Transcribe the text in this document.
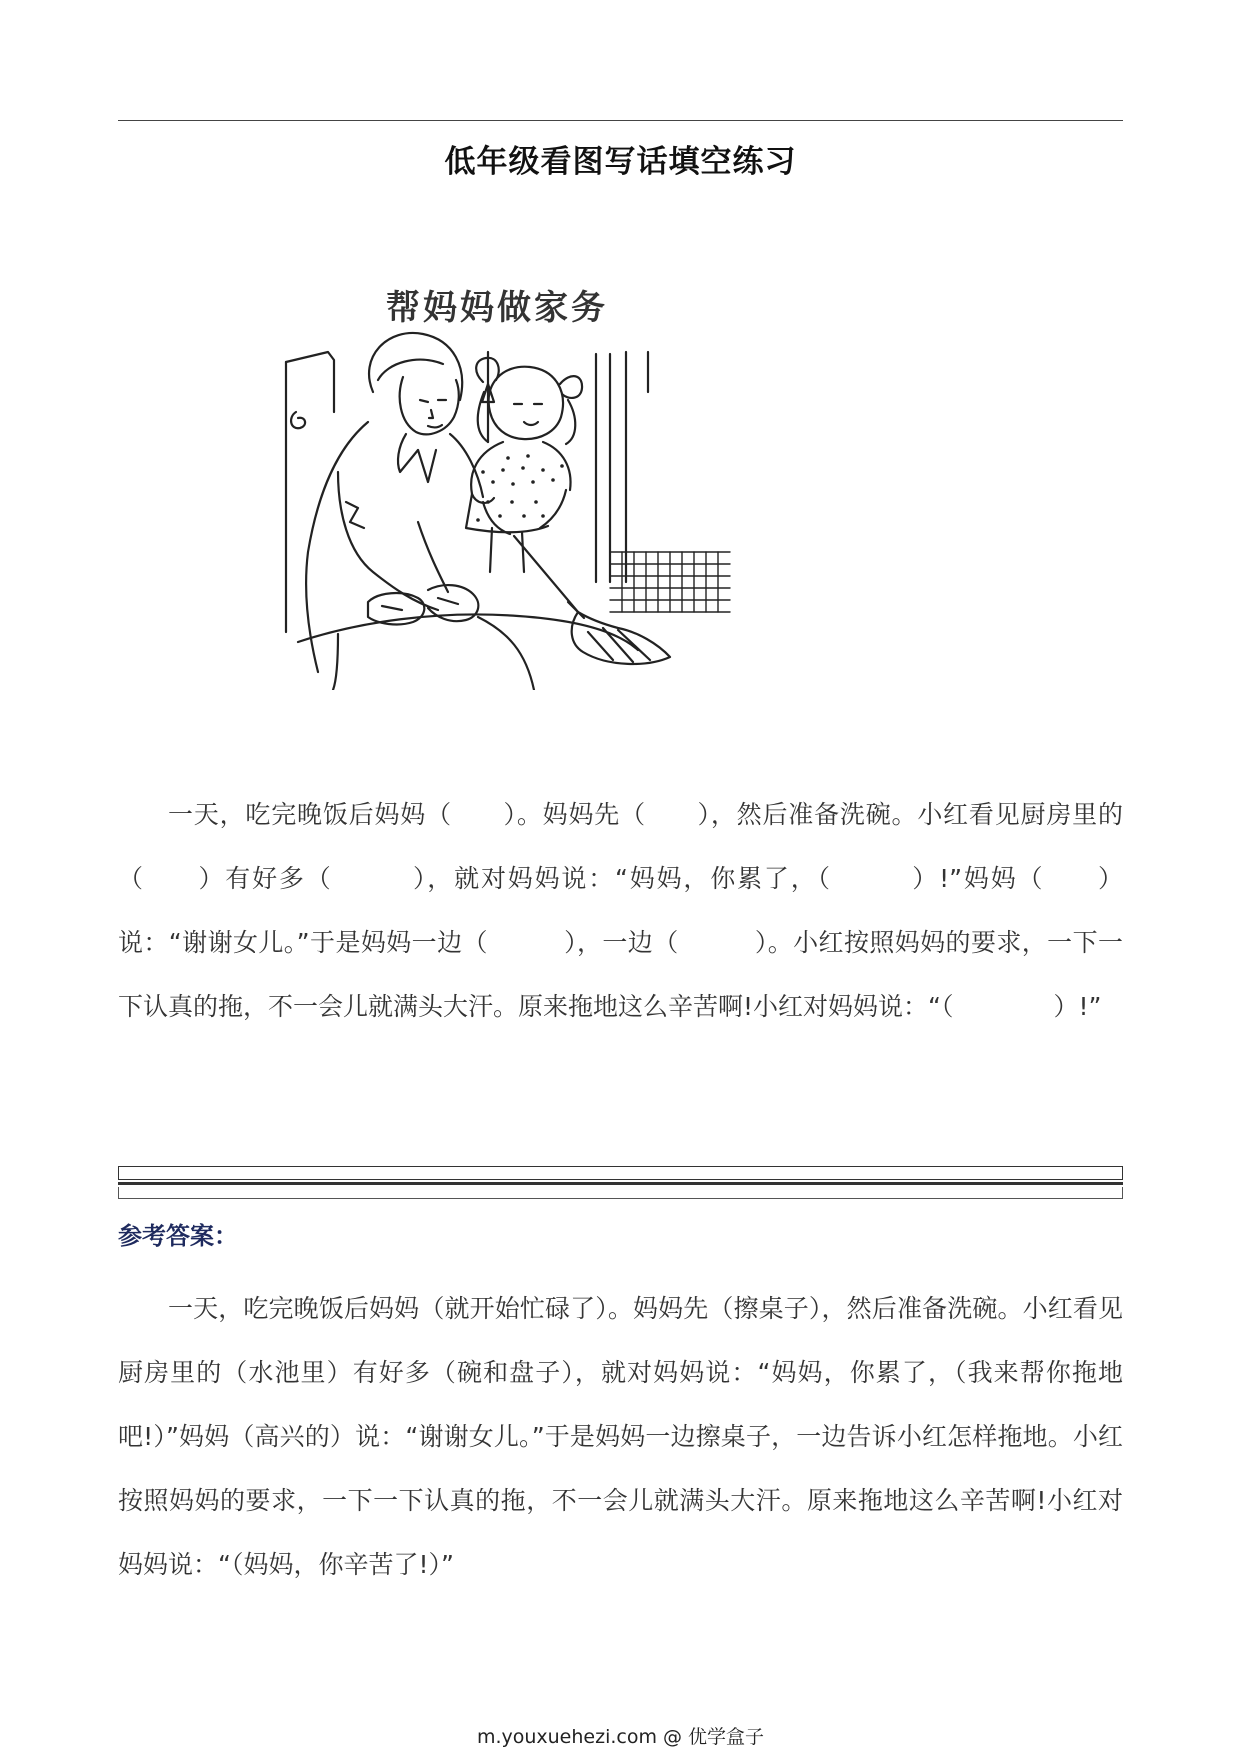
低年级看图写话填空练习
帮妈妈做家务

一天，吃完晚饭后妈妈（　　）。妈妈先（　　），然后准备洗碗。小红看见厨房里的（　　）有好多（　　　），就对妈妈说：“妈妈，你累了，（　　　）!”妈妈（　　）说：“谢谢女儿。”于是妈妈一边（　　　），一边（　　　）。小红按照妈妈的要求，一下一下认真的拖，不一会儿就满头大汗。原来拖地这么辛苦啊!小红对妈妈说：“（　　　　）!”

参考答案：

一天，吃完晚饭后妈妈（就开始忙碌了）。妈妈先（擦桌子），然后准备洗碗。小红看见厨房里的（水池里）有好多（碗和盘子），就对妈妈说：“妈妈，你累了，（我来帮你拖地吧!）”妈妈（高兴的）说：“谢谢女儿。”于是妈妈一边擦桌子，一边告诉小红怎样拖地。小红按照妈妈的要求，一下一下认真的拖，不一会儿就满头大汗。原来拖地这么辛苦啊!小红对妈妈说：“（妈妈，你辛苦了!）”

m.youxuehezi.com @ 优学盒子
